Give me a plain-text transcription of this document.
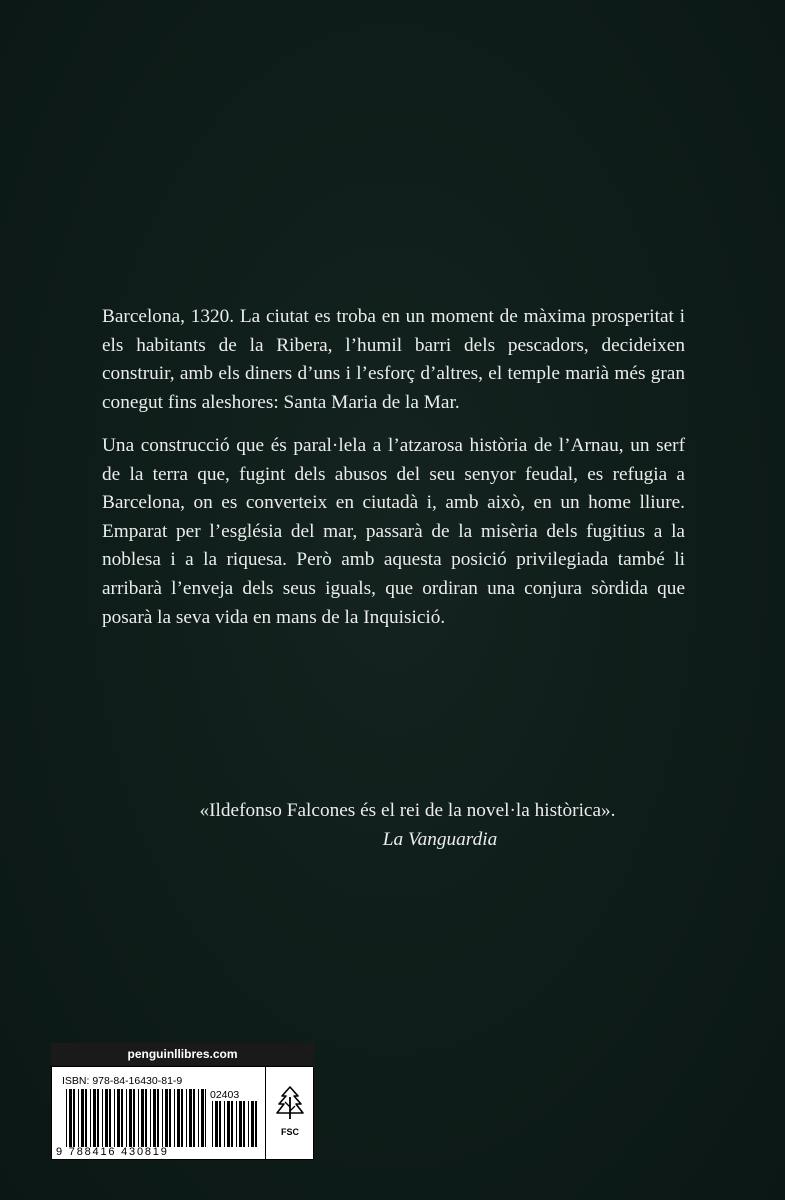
Barcelona, 1320. La ciutat es troba en un moment de màxima prosperitat i els habitants de la Ribera, l’humil barri dels pescadors, decideixen construir, amb els diners d’uns i l’esforç d’altres, el temple marià més gran conegut fins aleshores: Santa Maria de la Mar.

Una construcció que és paral·lela a l’atzarosa història de l’Arnau, un serf de la terra que, fugint dels abusos del seu senyor feudal, es refugia a Barcelona, on es converteix en ciutadà i, amb això, en un home lliure. Emparat per l’església del mar, passarà de la misèria dels fugitius a la noblesa i a la riquesa. Però amb aquesta posició privilegiada també li arribarà l’enveja dels seus iguals, que ordiran una conjura sòrdida que posarà la seva vida en mans de la Inquisició.

«Ildefonso Falcones és el rei de la novel·la històrica».
La Vanguardia
penguinllibres.com
ISBN: 978-84-16430-81-9
02403
9 788416 430819
FSC
